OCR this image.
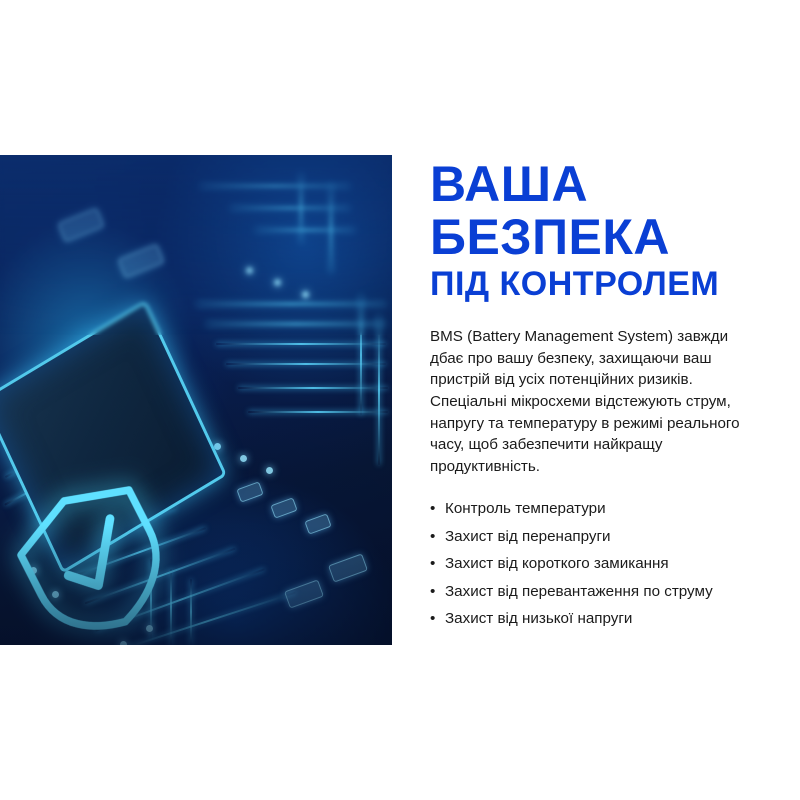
ВАША
БЕЗПЕКА
ПІД КОНТРОЛЕМ

BMS (Battery Management System) завжди дбає про вашу безпеку, захищаючи ваш пристрій від усіх потенційних ризиків. Спеціальні мікросхеми відстежують струм, напругу та температуру в режимі реального часу, щоб забезпечити найкращу продуктивність.

• Контроль температури
• Захист від перенапруги
• Захист від короткого замикання
• Захист від перевантаження по струму
• Захист від низької напруги
